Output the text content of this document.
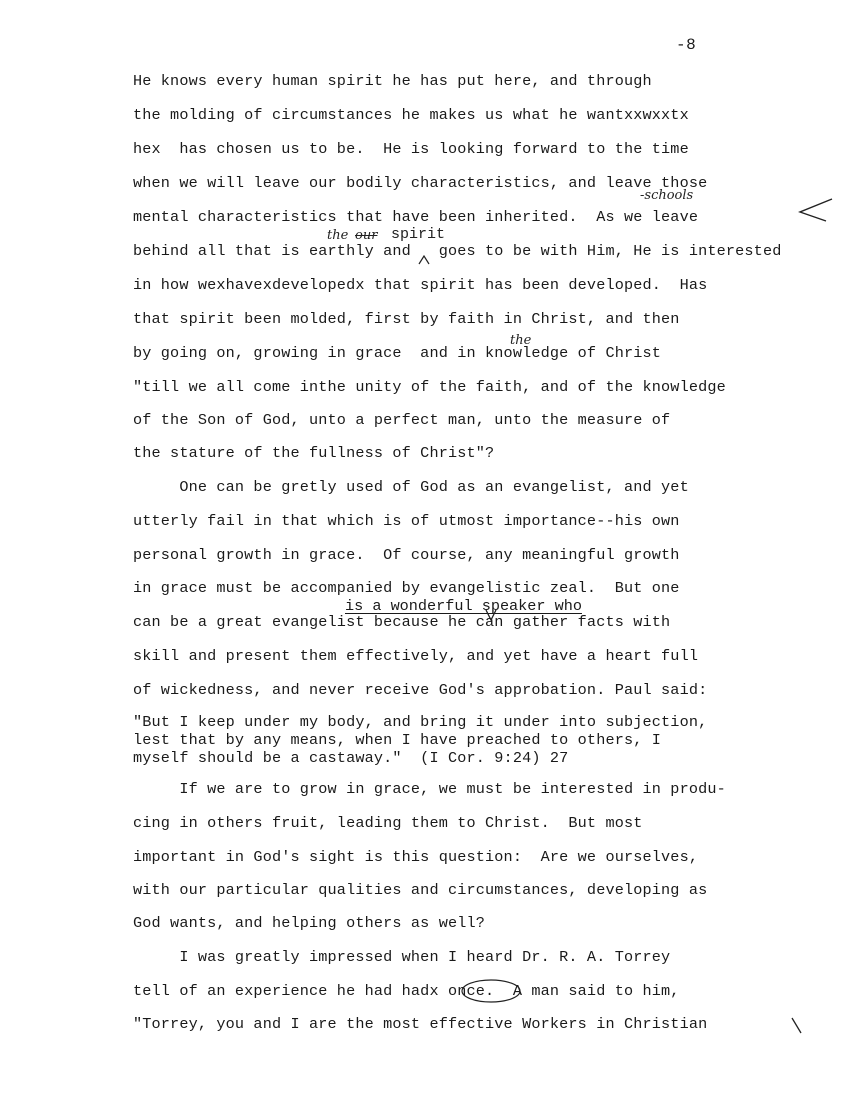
-8
He knows every human spirit he has put here, and through
the molding of circumstances he makes us what he wantxxwxxtx
hex  has chosen us to be.  He is looking forward to the time
when we will leave our bodily characteristics, and leave those
mental characteristics that have been inherited.  As we leave
behind all that is earthly and   goes to be with Him, He is interested
in how wexhavexdevelopedx that spirit has been developed.  Has
that spirit been molded, first by faith in Christ, and then
by going on, growing in grace  and in knowledge of Christ
"till we all come inthe unity of the faith, and of the knowledge
of the Son of God, unto a perfect man, unto the measure of
the stature of the fullness of Christ"?
One can be gretly used of God as an evangelist, and yet
utterly fail in that which is of utmost importance--his own
personal growth in grace.  Of course, any meaningful growth
in grace must be accompanied by evangelistic zeal.  But one
can be a great evangelist because he can gather facts with
skill and present them effectively, and yet have a heart full
of wickedness, and never receive God's approbation. Paul said:
"But I keep under my body, and bring it under into subjection,
lest that by any means, when I have preached to others, I
myself should be a castaway."  (I Cor. 9:24) 27
If we are to grow in grace, we must be interested in produ-
cing in others fruit, leading them to Christ.  But most
important in God's sight is this question:  Are we ourselves,
with our particular qualities and circumstances, developing as
God wants, and helping others as well?
I was greatly impressed when I heard Dr. R. A. Torrey
tell of an experience he had hadx once.  A man said to him,
"Torrey, you and I are the most effective Workers in Christian
-schools
the our spirit
the
is a wonderful speaker who
